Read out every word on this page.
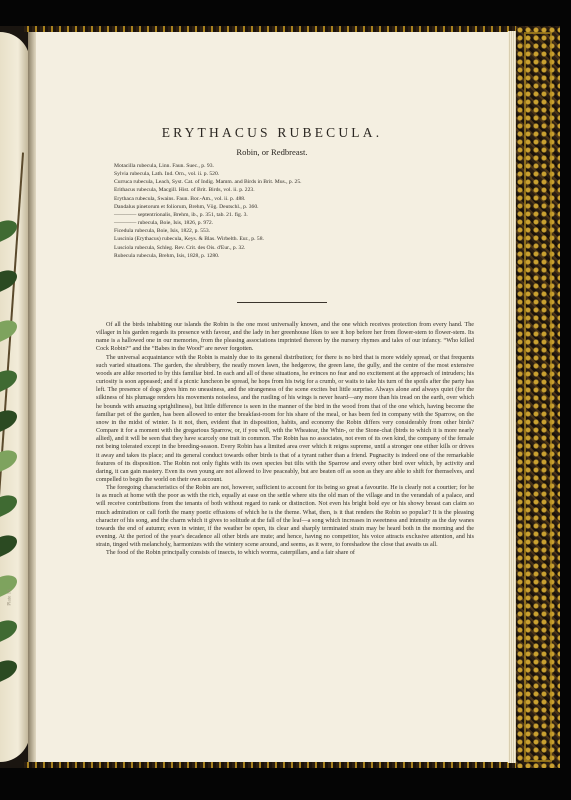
ERYTHACUS RUBECULA.
Robin, or Redbreast.
Motacilla rubecula, Linn. Faun. Suec., p. 93.
Sylvia rubecula, Lath. Ind. Orn., vol. ii. p. 520.
Curruca rubecula, Leach, Syst. Cat. of Indig. Mamm. and Birds in Brit. Mus., p. 25.
Erithacus rubecula, Macgill. Hist. of Brit. Birds, vol. ii. p. 223.
Erythaca rubecula, Swains. Faun. Bor.-Am., vol. ii. p. 488.
Dandalus pinetorum et foliorum, Brehm, Vög. Deutschl., p. 360.
———— septentrionalis, Brehm, ib., p. 351, tab. 21. fig. 3.
———— rubecula, Boie, Isis, 1826, p. 972.
Ficedula rubecula, Boie, Isis, 1822, p. 553.
Luscinia (Erythacus) rubecula, Keys. & Blas. Wirbelth. Eur., p. 58.
Lusciola rubecula, Schleg. Rev. Crit. des Ois. d'Eur., p. 32.
Rubecula rubecula, Brehm, Isis, 1828, p. 1280.

Of all the birds inhabiting our islands the Robin is the one most universally known, and the one which receives protection from every hand. The villager in his garden regards its presence with favour, and the lady in her greenhouse likes to see it hop before her from flower-stem to flower-stem. Its name is a hallowed one in our memories, from the pleasing associations imprinted thereon by the nursery rhymes and tales of our infancy. “Who killed Cock Robin?” and the “Babes in the Wood” are never forgotten.

The universal acquaintance with the Robin is mainly due to its general distribution; for there is no bird that is more widely spread, or that frequents such varied situations. The garden, the shrubbery, the neatly mown lawn, the hedgerow, the green lane, the gully, and the centre of the most extensive woods are alike resorted to by this familiar bird. In each and all of these situations, he evinces no fear and no excitement at the approach of intruders; his curiosity is soon appeased; and if a picnic luncheon be spread, he hops from his twig for a crumb, or waits to take his turn of the spoils after the party has left. The presence of dogs gives him no uneasiness, and the strangeness of the scene excites but little surprise. Always alone and always quiet (for the silkiness of his plumage renders his movements noiseless, and the rustling of his wings is never heard—any more than his tread on the earth, over which he bounds with amazing sprightliness), but little difference is seen in the manner of the bird in the wood from that of the one which, having become the familiar pet of the garden, has been allowed to enter the breakfast-room for his share of the meal, or has been fed in company with the Sparrow, on the snow in the midst of winter. Is it not, then, evident that in disposition, habits, and economy the Robin differs very considerably from other birds? Compare it for a moment with the gregarious Sparrow, or, if you will, with the Wheatear, the Whin-, or the Stone-chat (birds to which it is more nearly allied), and it will be seen that they have scarcely one trait in common. The Robin has no associates, not even of its own kind, the company of the female not being tolerated except in the breeding-season. Every Robin has a limited area over which it reigns supreme, until a stronger one either kills or drives it away and takes its place; and its general conduct towards other birds is that of a tyrant rather than a friend. Pugnacity is indeed one of the remarkable features of its disposition. The Robin not only fights with its own species but tilts with the Sparrow and every other bird over which, by activity and daring, it can gain mastery. Even its own young are not allowed to live peaceably, but are beaten off as soon as they are able to shift for themselves, and compelled to begin the world on their own account.

The foregoing characteristics of the Robin are not, however, sufficient to account for its being so great a favourite. He is clearly not a courtier; for he is as much at home with the poor as with the rich, equally at ease on the settle where sits the old man of the village and in the verandah of a palace, and will receive contributions from the tenants of both without regard to rank or distinction. Not even his bright bold eye or his showy breast can claim so much admiration or call forth the many poetic effusions of which he is the theme. What, then, is it that renders the Robin so popular? It is the pleasing character of his song, and the charm which it gives to solitude at the fall of the leaf—a song which increases in sweetness and intensity as the day wanes towards the end of autumn; even in winter, if the weather be open, its clear and sharply terminated strain may be heard both in the morning and the evening. At the period of the year's decadence all other birds are mute; and hence, having no competitor, his voice attracts exclusive attention, and his strain, tinged with melancholy, harmonizes with the wintery scene around, and seems, as it were, to foreshadow the close that awaits us all.

The food of the Robin principally consists of insects, to which worms, caterpillars, and a fair share of

Plate 14
